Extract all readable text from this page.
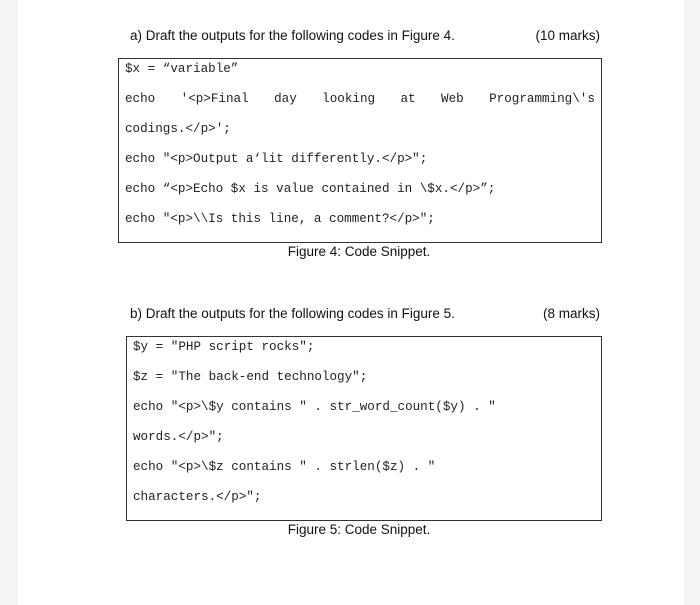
a) Draft the outputs for the following codes in Figure 4.	(10 marks)
$x = “variable”
echo '<p>Final day looking at Web Programming\'s
codings.</p>';
echo "<p>Output a‘lit differently.</p>";
echo “<p>Echo $x is value contained in \$x.</p>”;
echo "<p>\\Is this line, a comment?</p>";
Figure 4: Code Snippet.
b) Draft the outputs for the following codes in Figure 5.	(8 marks)
$y = "PHP script rocks";
$z = "The back-end technology";
echo "<p>\$y contains " . str_word_count($y) . "
words.</p>";
echo "<p>\$z contains " . strlen($z) . "
characters.</p>";
Figure 5: Code Snippet.
